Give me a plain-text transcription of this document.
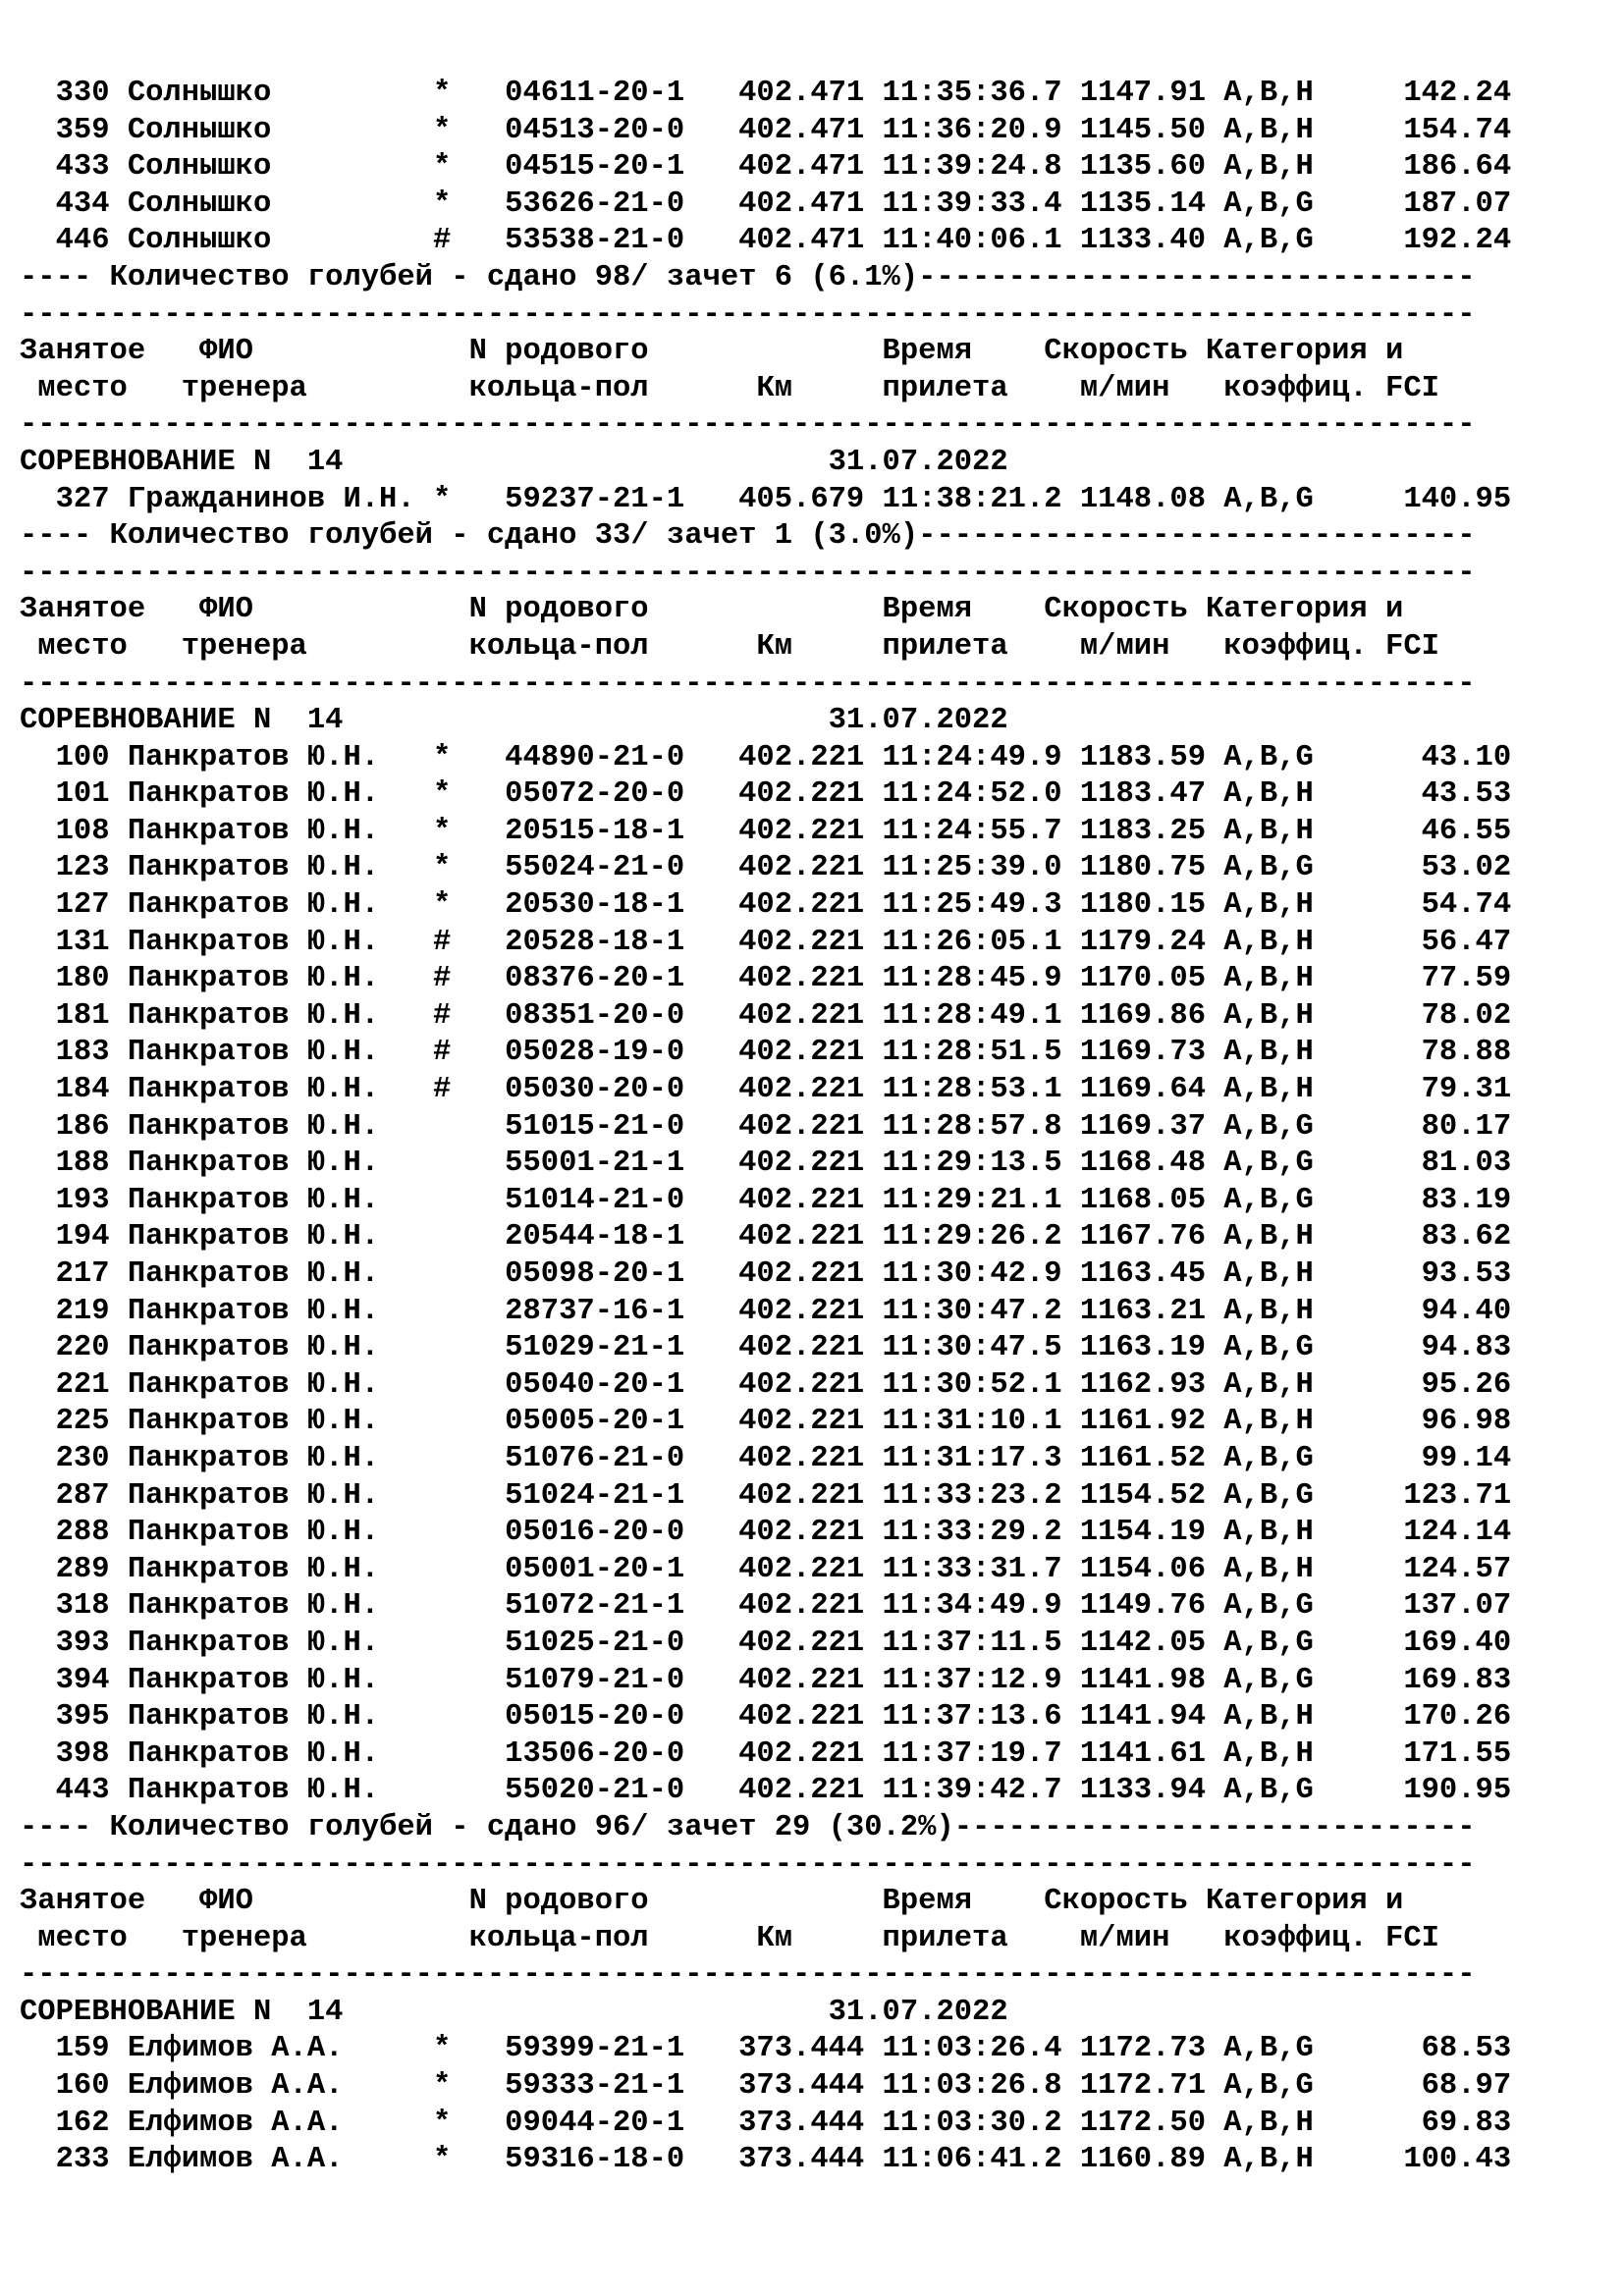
330 Солнышко         *   04611-20-1   402.471 11:35:36.7 1147.91 A,B,H     142.24
359 Солнышко         *   04513-20-0   402.471 11:36:20.9 1145.50 A,B,H     154.74
433 Солнышко         *   04515-20-1   402.471 11:39:24.8 1135.60 A,B,H     186.64
434 Солнышко         *   53626-21-0   402.471 11:39:33.4 1135.14 A,B,G     187.07
446 Солнышко         #   53538-21-0   402.471 11:40:06.1 1133.40 A,B,G     192.24
---- Количество голубей - сдано 98/ зачет 6 (6.1%)-------------------------------
---------------------------------------------------------------------------------
Занятое   ФИО            N родового             Время    Скорость Категория и
место   тренера         кольца-пол      Км     прилета    м/мин   коэффиц. FCI
---------------------------------------------------------------------------------
СОРЕВНОВАНИЕ N  14                           31.07.2022
327 Гражданинов И.Н. *   59237-21-1   405.679 11:38:21.2 1148.08 A,B,G     140.95
---- Количество голубей - сдано 33/ зачет 1 (3.0%)-------------------------------
---------------------------------------------------------------------------------
Занятое   ФИО            N родового             Время    Скорость Категория и
место   тренера         кольца-пол      Км     прилета    м/мин   коэффиц. FCI
---------------------------------------------------------------------------------
СОРЕВНОВАНИЕ N  14                           31.07.2022
100 Панкратов Ю.Н.   *   44890-21-0   402.221 11:24:49.9 1183.59 A,B,G      43.10
101 Панкратов Ю.Н.   *   05072-20-0   402.221 11:24:52.0 1183.47 A,B,H      43.53
108 Панкратов Ю.Н.   *   20515-18-1   402.221 11:24:55.7 1183.25 A,B,H      46.55
123 Панкратов Ю.Н.   *   55024-21-0   402.221 11:25:39.0 1180.75 A,B,G      53.02
127 Панкратов Ю.Н.   *   20530-18-1   402.221 11:25:49.3 1180.15 A,B,H      54.74
131 Панкратов Ю.Н.   #   20528-18-1   402.221 11:26:05.1 1179.24 A,B,H      56.47
180 Панкратов Ю.Н.   #   08376-20-1   402.221 11:28:45.9 1170.05 A,B,H      77.59
181 Панкратов Ю.Н.   #   08351-20-0   402.221 11:28:49.1 1169.86 A,B,H      78.02
183 Панкратов Ю.Н.   #   05028-19-0   402.221 11:28:51.5 1169.73 A,B,H      78.88
184 Панкратов Ю.Н.   #   05030-20-0   402.221 11:28:53.1 1169.64 A,B,H      79.31
186 Панкратов Ю.Н.       51015-21-0   402.221 11:28:57.8 1169.37 A,B,G      80.17
188 Панкратов Ю.Н.       55001-21-1   402.221 11:29:13.5 1168.48 A,B,G      81.03
193 Панкратов Ю.Н.       51014-21-0   402.221 11:29:21.1 1168.05 A,B,G      83.19
194 Панкратов Ю.Н.       20544-18-1   402.221 11:29:26.2 1167.76 A,B,H      83.62
217 Панкратов Ю.Н.       05098-20-1   402.221 11:30:42.9 1163.45 A,B,H      93.53
219 Панкратов Ю.Н.       28737-16-1   402.221 11:30:47.2 1163.21 A,B,H      94.40
220 Панкратов Ю.Н.       51029-21-1   402.221 11:30:47.5 1163.19 A,B,G      94.83
221 Панкратов Ю.Н.       05040-20-1   402.221 11:30:52.1 1162.93 A,B,H      95.26
225 Панкратов Ю.Н.       05005-20-1   402.221 11:31:10.1 1161.92 A,B,H      96.98
230 Панкратов Ю.Н.       51076-21-0   402.221 11:31:17.3 1161.52 A,B,G      99.14
287 Панкратов Ю.Н.       51024-21-1   402.221 11:33:23.2 1154.52 A,B,G     123.71
288 Панкратов Ю.Н.       05016-20-0   402.221 11:33:29.2 1154.19 A,B,H     124.14
289 Панкратов Ю.Н.       05001-20-1   402.221 11:33:31.7 1154.06 A,B,H     124.57
318 Панкратов Ю.Н.       51072-21-1   402.221 11:34:49.9 1149.76 A,B,G     137.07
393 Панкратов Ю.Н.       51025-21-0   402.221 11:37:11.5 1142.05 A,B,G     169.40
394 Панкратов Ю.Н.       51079-21-0   402.221 11:37:12.9 1141.98 A,B,G     169.83
395 Панкратов Ю.Н.       05015-20-0   402.221 11:37:13.6 1141.94 A,B,H     170.26
398 Панкратов Ю.Н.       13506-20-0   402.221 11:37:19.7 1141.61 A,B,H     171.55
443 Панкратов Ю.Н.       55020-21-0   402.221 11:39:42.7 1133.94 A,B,G     190.95
---- Количество голубей - сдано 96/ зачет 29 (30.2%)-----------------------------
---------------------------------------------------------------------------------
Занятое   ФИО            N родового             Время    Скорость Категория и
место   тренера         кольца-пол      Км     прилета    м/мин   коэффиц. FCI
---------------------------------------------------------------------------------
СОРЕВНОВАНИЕ N  14                           31.07.2022
159 Елфимов А.А.     *   59399-21-1   373.444 11:03:26.4 1172.73 A,B,G      68.53
160 Елфимов А.А.     *   59333-21-1   373.444 11:03:26.8 1172.71 A,B,G      68.97
162 Елфимов А.А.     *   09044-20-1   373.444 11:03:30.2 1172.50 A,B,H      69.83
233 Елфимов А.А.     *   59316-18-0   373.444 11:06:41.2 1160.89 A,B,H     100.43
